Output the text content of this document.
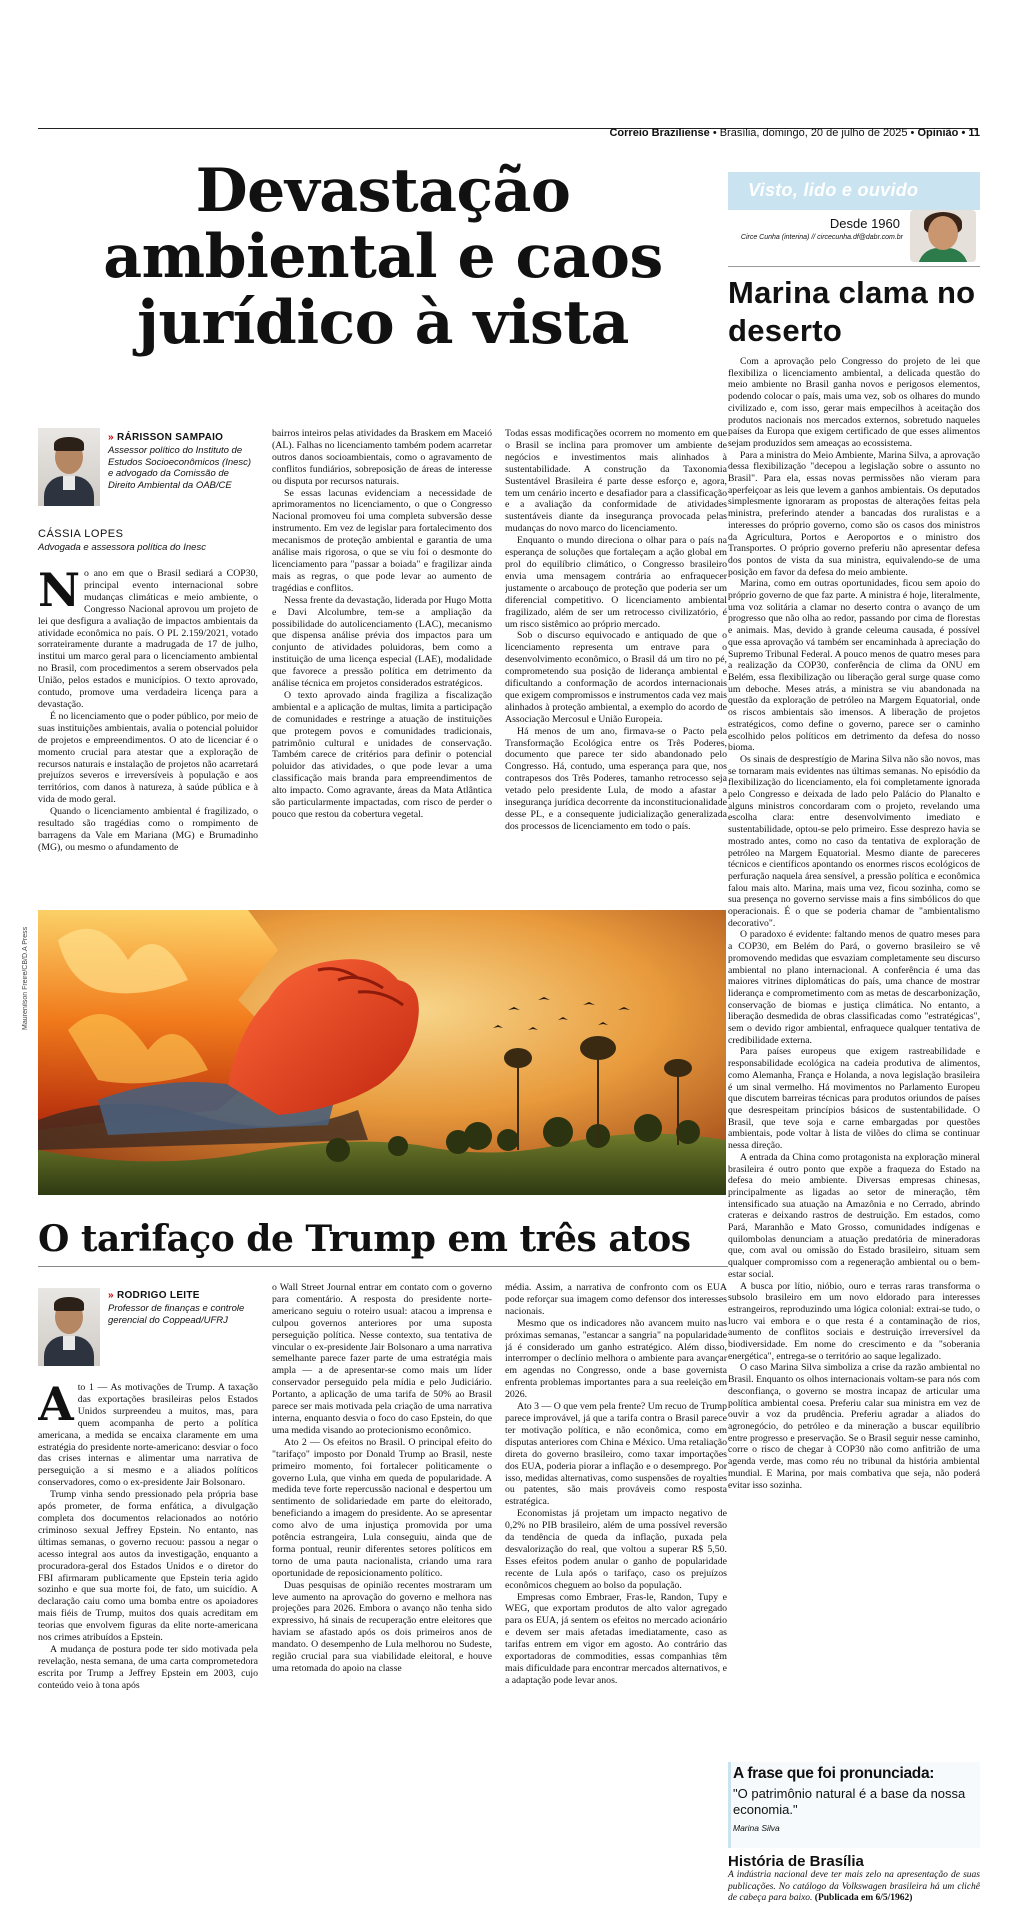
Correio Braziliense • Brasília, domingo, 20 de julho de 2025 • Opinião • 11
Devastação ambiental e caos jurídico à vista
» RÁRISSON SAMPAIO
Assessor político do Instituto de Estudos Socioeconômicos (Inesc) e advogado da Comissão de Direito Ambiental da OAB/CE
CÁSSIA LOPES
Advogada e assessora política do Inesc

No ano em que o Brasil sediará a COP30, principal evento internacional sobre mudanças climáticas e meio ambiente, o Congresso Nacional aprovou um projeto de lei que desfigura a avaliação de impactos ambientais da atividade econômica no país. O PL 2.159/2021, votado sorrateiramente durante a madrugada de 17 de julho, institui um marco geral para o licenciamento ambiental no Brasil, com procedimentos a serem observados pela União, pelos estados e municípios. O texto aprovado, contudo, promove uma verdadeira licença para a devastação.

É no licenciamento que o poder público, por meio de suas instituições ambientais, avalia o potencial poluidor de projetos e empreendimentos. O ato de licenciar é o momento crucial para atestar que a exploração de recursos naturais e instalação de projetos não acarretará prejuízos severos e irreversíveis à população e aos territórios, com danos à natureza, à saúde pública e à vida de modo geral.

Quando o licenciamento ambiental é fragilizado, o resultado são tragédias como o rompimento de barragens da Vale em Mariana (MG) e Brumadinho (MG), ou mesmo o afundamento de

bairros inteiros pelas atividades da Braskem em Maceió (AL). Falhas no licenciamento também podem acarretar outros danos socioambientais, como o agravamento de conflitos fundiários, sobreposição de áreas de interesse ou disputa por recursos naturais.

Se essas lacunas evidenciam a necessidade de aprimoramentos no licenciamento, o que o Congresso Nacional promoveu foi uma completa subversão desse instrumento. Em vez de legislar para fortalecimento dos mecanismos de proteção ambiental e garantia de uma análise mais rigorosa, o que se viu foi o desmonte do licenciamento para "passar a boiada" e fragilizar ainda mais as regras, o que pode levar ao aumento de tragédias e conflitos.

Nessa frente da devastação, liderada por Hugo Motta e Davi Alcolumbre, tem-se a ampliação da possibilidade do autolicenciamento (LAC), mecanismo que dispensa análise prévia dos impactos para um conjunto de atividades poluidoras, bem como a instituição de uma licença especial (LAE), modalidade que favorece a pressão política em detrimento da análise técnica em projetos considerados estratégicos.

O texto aprovado ainda fragiliza a fiscalização ambiental e a aplicação de multas, limita a participação de comunidades e restringe a atuação de instituições que protegem povos e comunidades tradicionais, patrimônio cultural e unidades de conservação. Também carece de critérios para definir o potencial poluidor das atividades, o que pode levar a uma classificação mais branda para empreendimentos de alto impacto. Como agravante, áreas da Mata Atlântica são particularmente impactadas, com risco de perder o pouco que restou da cobertura vegetal.

Todas essas modificações ocorrem no momento em que o Brasil se inclina para promover um ambiente de negócios e investimentos mais alinhados à sustentabilidade. A construção da Taxonomia Sustentável Brasileira é parte desse esforço e, agora, tem um cenário incerto e desafiador para a classificação e a avaliação da conformidade de atividades sustentáveis diante da insegurança provocada pelas mudanças do novo marco do licenciamento.

Enquanto o mundo direciona o olhar para o país na esperança de soluções que fortaleçam a ação global em prol do equilíbrio climático, o Congresso brasileiro envia uma mensagem contrária ao enfraquecer justamente o arcabouço de proteção que poderia ser um diferencial competitivo. O licenciamento ambiental fragilizado, além de ser um retrocesso civilizatório, é um risco sistêmico ao próprio mercado.

Sob o discurso equivocado e antiquado de que o licenciamento representa um entrave para o desenvolvimento econômico, o Brasil dá um tiro no pé, comprometendo sua posição de liderança ambiental e dificultando a conformação de acordos internacionais que exigem compromissos e instrumentos cada vez mais alinhados à proteção ambiental, a exemplo do acordo de Associação Mercosul e União Europeia.

Há menos de um ano, firmava-se o Pacto pela Transformação Ecológica entre os Três Poderes, documento que parece ter sido abandonado pelo Congresso. Há, contudo, uma esperança para que, nos contrapesos dos Três Poderes, tamanho retrocesso seja vetado pelo presidente Lula, de modo a afastar a insegurança jurídica decorrente da inconstitucionalidade desse PL, e a consequente judicialização generalizada dos processos de licenciamento em todo o país.

Maurenilson Freire/CB/D.A Press
O tarifaço de Trump em três atos
» RODRIGO LEITE
Professor de finanças e controle gerencial do Coppead/UFRJ

Ato 1 — As motivações de Trump. A taxação das exportações brasileiras pelos Estados Unidos surpreendeu a muitos, mas, para quem acompanha de perto a política americana, a medida se encaixa claramente em uma estratégia do presidente norte-americano: desviar o foco das crises internas e alimentar uma narrativa de perseguição a si mesmo e a aliados políticos conservadores, como o ex-presidente Jair Bolsonaro.

Trump vinha sendo pressionado pela própria base após prometer, de forma enfática, a divulgação completa dos documentos relacionados ao notório criminoso sexual Jeffrey Epstein. No entanto, nas últimas semanas, o governo recuou: passou a negar o acesso integral aos autos da investigação, enquanto a procuradora-geral dos Estados Unidos e o diretor do FBI afirmaram publicamente que Epstein teria agido sozinho e que sua morte foi, de fato, um suicídio. A declaração caiu como uma bomba entre os apoiadores mais fiéis de Trump, muitos dos quais acreditam em teorias que envolvem figuras da elite norte-americana nos crimes atribuídos a Epstein.

A mudança de postura pode ter sido motivada pela revelação, nesta semana, de uma carta comprometedora escrita por Trump a Jeffrey Epstein em 2003, cujo conteúdo veio à tona após

o Wall Street Journal entrar em contato com o governo para comentário. A resposta do presidente norte-americano seguiu o roteiro usual: atacou a imprensa e culpou governos anteriores por uma suposta perseguição política. Nesse contexto, sua tentativa de vincular o ex-presidente Jair Bolsonaro a uma narrativa semelhante parece fazer parte de uma estratégia mais ampla — a de apresentar-se como mais um líder conservador perseguido pela mídia e pelo Judiciário. Portanto, a aplicação de uma tarifa de 50% ao Brasil parece ser mais motivada pela criação de uma narrativa interna, enquanto desvia o foco do caso Epstein, do que uma medida visando ao protecionismo econômico.

Ato 2 — Os efeitos no Brasil. O principal efeito do "tarifaço" imposto por Donald Trump ao Brasil, neste primeiro momento, foi fortalecer politicamente o governo Lula, que vinha em queda de popularidade. A medida teve forte repercussão nacional e despertou um sentimento de solidariedade em parte do eleitorado, beneficiando a imagem do presidente. Ao se apresentar como alvo de uma injustiça promovida por uma potência estrangeira, Lula conseguiu, ainda que de forma pontual, reunir diferentes setores políticos em torno de uma pauta nacionalista, criando uma rara oportunidade de reposicionamento político.

Duas pesquisas de opinião recentes mostraram um leve aumento na aprovação do governo e melhora nas projeções para 2026. Embora o avanço não tenha sido expressivo, há sinais de recuperação entre eleitores que haviam se afastado após os dois primeiros anos de mandato. O desempenho de Lula melhorou no Sudeste, região crucial para sua viabilidade eleitoral, e houve uma retomada do apoio na classe

média. Assim, a narrativa de confronto com os EUA pode reforçar sua imagem como defensor dos interesses nacionais.

Mesmo que os indicadores não avancem muito nas próximas semanas, "estancar a sangria" na popularidade já é considerado um ganho estratégico. Além disso, interromper o declínio melhora o ambiente para avançar em agendas no Congresso, onde a base governista enfrenta problemas importantes para a sua reeleição em 2026.

Ato 3 — O que vem pela frente? Um recuo de Trump parece improvável, já que a tarifa contra o Brasil parece ter motivação política, e não econômica, como em disputas anteriores com China e México. Uma retaliação direta do governo brasileiro, como taxar importações dos EUA, poderia piorar a inflação e o desemprego. Por isso, medidas alternativas, como suspensões de royalties ou patentes, são mais prováveis como resposta estratégica.

Economistas já projetam um impacto negativo de 0,2% no PIB brasileiro, além de uma possível reversão da tendência de queda da inflação, puxada pela desvalorização do real, que voltou a superar R$ 5,50. Esses efeitos podem anular o ganho de popularidade recente de Lula após o tarifaço, caso os prejuízos econômicos cheguem ao bolso da população.

Empresas como Embraer, Fras-le, Randon, Tupy e WEG, que exportam produtos de alto valor agregado para os EUA, já sentem os efeitos no mercado acionário e devem ser mais afetadas imediatamente, caso as tarifas entrem em vigor em agosto. Ao contrário das exportadoras de commodities, essas companhias têm mais dificuldade para encontrar mercados alternativos, e a adaptação pode levar anos.

Visto, lido e ouvido
Desde 1960
Circe Cunha (interina) // circecunha.df@dabr.com.br
Marina clama no deserto

Com a aprovação pelo Congresso do projeto de lei que flexibiliza o licenciamento ambiental, a delicada questão do meio ambiente no Brasil ganha novos e perigosos elementos, podendo colocar o país, mais uma vez, sob os olhares do mundo civilizado e, com isso, gerar mais empecilhos à aceitação dos produtos nacionais nos mercados externos, sobretudo naqueles países da Europa que exigem certificado de que esses alimentos sejam produzidos sem ameaças ao ecossistema.

Para a ministra do Meio Ambiente, Marina Silva, a aprovação dessa flexibilização "decepou a legislação sobre o assunto no Brasil". Para ela, essas novas permissões não vieram para aperfeiçoar as leis que levem a ganhos ambientais. Os deputados simplesmente ignoraram as propostas de alterações feitas pela ministra, preferindo atender a bancadas dos ruralistas e a interesses do próprio governo, como são os casos dos ministros da Agricultura, Portos e Aeroportos e o ministro dos Transportes. O próprio governo preferiu não apresentar defesa dos pontos de vista da sua ministra, equivalendo-se de uma posição em favor da defesa do meio ambiente.

Marina, como em outras oportunidades, ficou sem apoio do próprio governo de que faz parte. A ministra é hoje, literalmente, uma voz solitária a clamar no deserto contra o avanço de um progresso que não olha ao redor, passando por cima de florestas e animais. Mas, devido à grande celeuma causada, é possível que essa aprovação vá também ser encaminhada à apreciação do Supremo Tribunal Federal. A pouco menos de quatro meses para a realização da COP30, conferência de clima da ONU em Belém, essa flexibilização ou liberação geral surge quase como um deboche. Meses atrás, a ministra se viu abandonada na questão da exploração de petróleo na Margem Equatorial, onde os riscos ambientais são imensos. A liberação de projetos estratégicos, como define o governo, parece ser o caminho escolhido pelos políticos em detrimento da defesa do nosso bioma.

Os sinais de desprestígio de Marina Silva não são novos, mas se tornaram mais evidentes nas últimas semanas. No episódio da flexibilização do licenciamento, ela foi completamente ignorada pelo Congresso e deixada de lado pelo Palácio do Planalto e alguns ministros concordaram com o projeto, revelando uma escolha clara: entre desenvolvimento imediato e sustentabilidade, optou-se pelo primeiro. Esse desprezo havia se mostrado antes, como no caso da tentativa de exploração de petróleo na Margem Equatorial. Mesmo diante de pareceres técnicos e científicos apontando os enormes riscos ecológicos de perfuração naquela área sensível, a pressão política e econômica falou mais alto. Marina, mais uma vez, ficou sozinha, como se sua presença no governo servisse mais a fins simbólicos do que operacionais. É o que se poderia chamar de "ambientalismo decorativo".

O paradoxo é evidente: faltando menos de quatro meses para a COP30, em Belém do Pará, o governo brasileiro se vê promovendo medidas que esvaziam completamente seu discurso ambiental no plano internacional. A conferência é uma das maiores vitrines diplomáticas do país, uma chance de mostrar liderança e comprometimento com as metas de descarbonização, conservação de biomas e justiça climática. No entanto, a liberação desmedida de obras classificadas como "estratégicas", sem o devido rigor ambiental, enfraquece qualquer tentativa de credibilidade externa.

Para países europeus que exigem rastreabilidade e responsabilidade ecológica na cadeia produtiva de alimentos, como Alemanha, França e Holanda, a nova legislação brasileira é um sinal vermelho. Há movimentos no Parlamento Europeu que discutem barreiras técnicas para produtos oriundos de países que desrespeitam princípios básicos de sustentabilidade. O Brasil, que teve soja e carne embargadas por questões ambientais, pode voltar à lista de vilões do clima se continuar nessa direção.

A entrada da China como protagonista na exploração mineral brasileira é outro ponto que expõe a fraqueza do Estado na defesa do meio ambiente. Diversas empresas chinesas, principalmente as ligadas ao setor de mineração, têm intensificado sua atuação na Amazônia e no Cerrado, abrindo crateras e deixando rastros de destruição. Em estados, como Pará, Maranhão e Mato Grosso, comunidades indígenas e quilombolas denunciam a atuação predatória de mineradoras que, com aval ou omissão do Estado brasileiro, situam sem qualquer compromisso com a regeneração ambiental ou o bem-estar social.

A busca por lítio, nióbio, ouro e terras raras transforma o subsolo brasileiro em um novo eldorado para interesses estrangeiros, reproduzindo uma lógica colonial: extrai-se tudo, o lucro vai embora e o que resta é a contaminação de rios, aumento de conflitos sociais e destruição irreversível da biodiversidade. Em nome do crescimento e da "soberania energética", entrega-se o território ao saque legalizado.

O caso Marina Silva simboliza a crise da razão ambiental no Brasil. Enquanto os olhos internacionais voltam-se para nós com desconfiança, o governo se mostra incapaz de articular uma política ambiental coesa. Preferiu calar sua ministra em vez de ouvir a voz da prudência. Preferiu agradar a aliados do agronegócio, do petróleo e da mineração a buscar equilíbrio entre progresso e preservação. Se o Brasil seguir nesse caminho, corre o risco de chegar à COP30 não como anfitrião de uma agenda verde, mas como réu no tribunal da história ambiental mundial. E Marina, por mais combativa que seja, não poderá evitar isso sozinha.

A frase que foi pronunciada:
"O patrimônio natural é a base da nossa economia."
Marina Silva
História de Brasília
A indústria nacional deve ter mais zelo na apresentação de suas publicações. No catálogo da Volkswagen brasileira há um clichê de cabeça para baixo. (Publicada em 6/5/1962)
